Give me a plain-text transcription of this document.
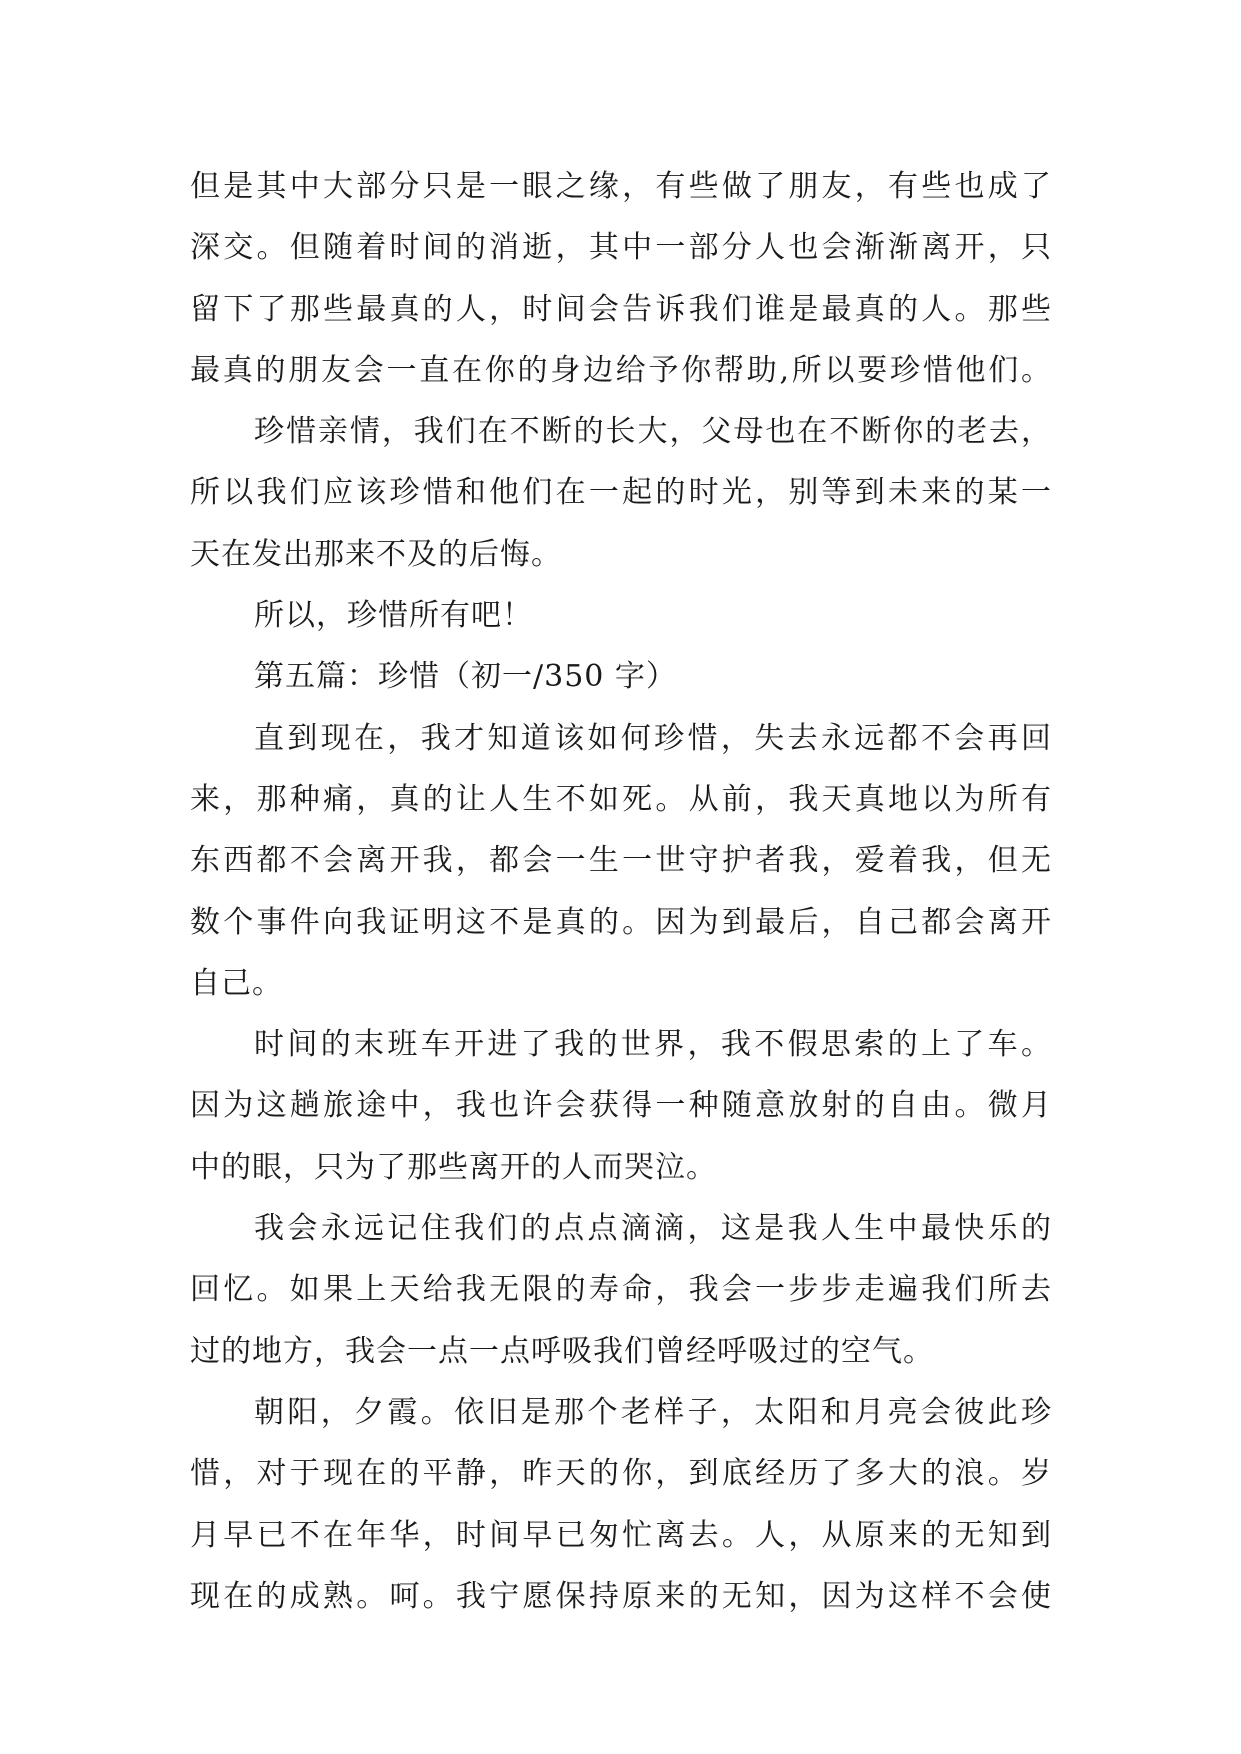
但是其中大部分只是一眼之缘，有些做了朋友，有些也成了
深交。但随着时间的消逝，其中一部分人也会渐渐离开，只
留下了那些最真的人，时间会告诉我们谁是最真的人。那些
最真的朋友会一直在你的身边给予你帮助,所以要珍惜他们。
珍惜亲情，我们在不断的长大，父母也在不断你的老去，
所以我们应该珍惜和他们在一起的时光，别等到未来的某一
天在发出那来不及的后悔。
所以，珍惜所有吧！
第五篇：珍惜（初一/350 字）
直到现在，我才知道该如何珍惜，失去永远都不会再回
来，那种痛，真的让人生不如死。从前，我天真地以为所有
东西都不会离开我，都会一生一世守护者我，爱着我，但无
数个事件向我证明这不是真的。因为到最后，自己都会离开
自己。
时间的末班车开进了我的世界，我不假思索的上了车。
因为这趟旅途中，我也许会获得一种随意放射的自由。微月
中的眼，只为了那些离开的人而哭泣。
我会永远记住我们的点点滴滴，这是我人生中最快乐的
回忆。如果上天给我无限的寿命，我会一步步走遍我们所去
过的地方，我会一点一点呼吸我们曾经呼吸过的空气。
朝阳，夕霞。依旧是那个老样子，太阳和月亮会彼此珍
惜，对于现在的平静，昨天的你，到底经历了多大的浪。岁
月早已不在年华，时间早已匆忙离去。人，从原来的无知到
现在的成熟。呵。我宁愿保持原来的无知，因为这样不会使
